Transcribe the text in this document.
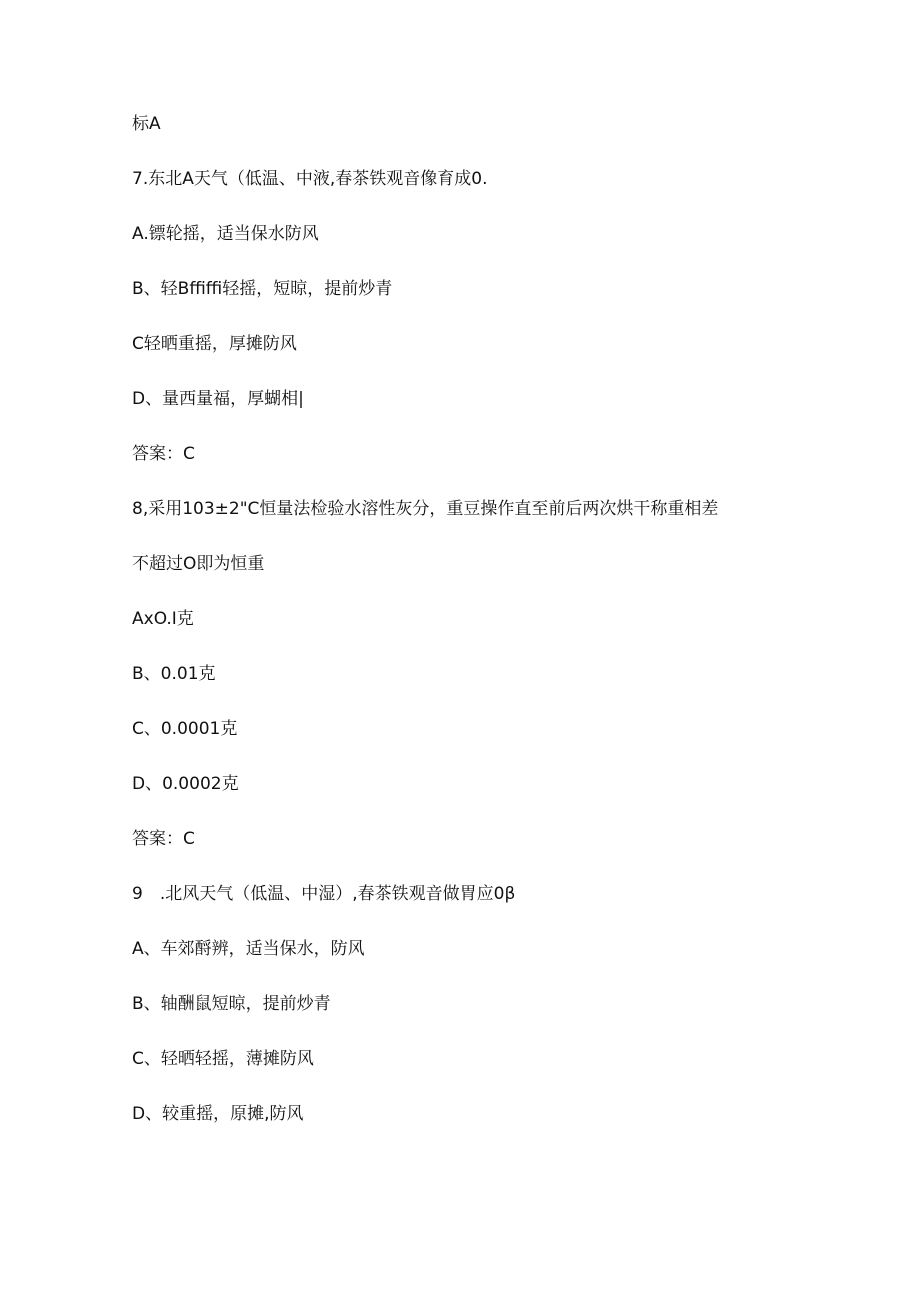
标A
7.东北A天气（低温、中液,春茶铁观音像育成0.
A.镖轮摇，适当保水防风
B、轻Bffiffi轻摇，短晾，提前炒青
C轻晒重摇，厚摊防风
D、量西量福，厚蝴相|
答案：C
8,采用103±2"C恒量法检验水溶性灰分，重豆操作直至前后两次烘干称重相差
不超过O即为恒重
AxO.I克
B、0.01克
C、0.0001克
D、0.0002克
答案：C
9　.北风天气（低温、中湿）,春茶铁观音做胃应0β
A、车郊酹辨，适当保水，防风
B、轴酬鼠短晾，提前炒青
C、轻晒轻摇，薄摊防风
D、较重摇，原摊,防风
